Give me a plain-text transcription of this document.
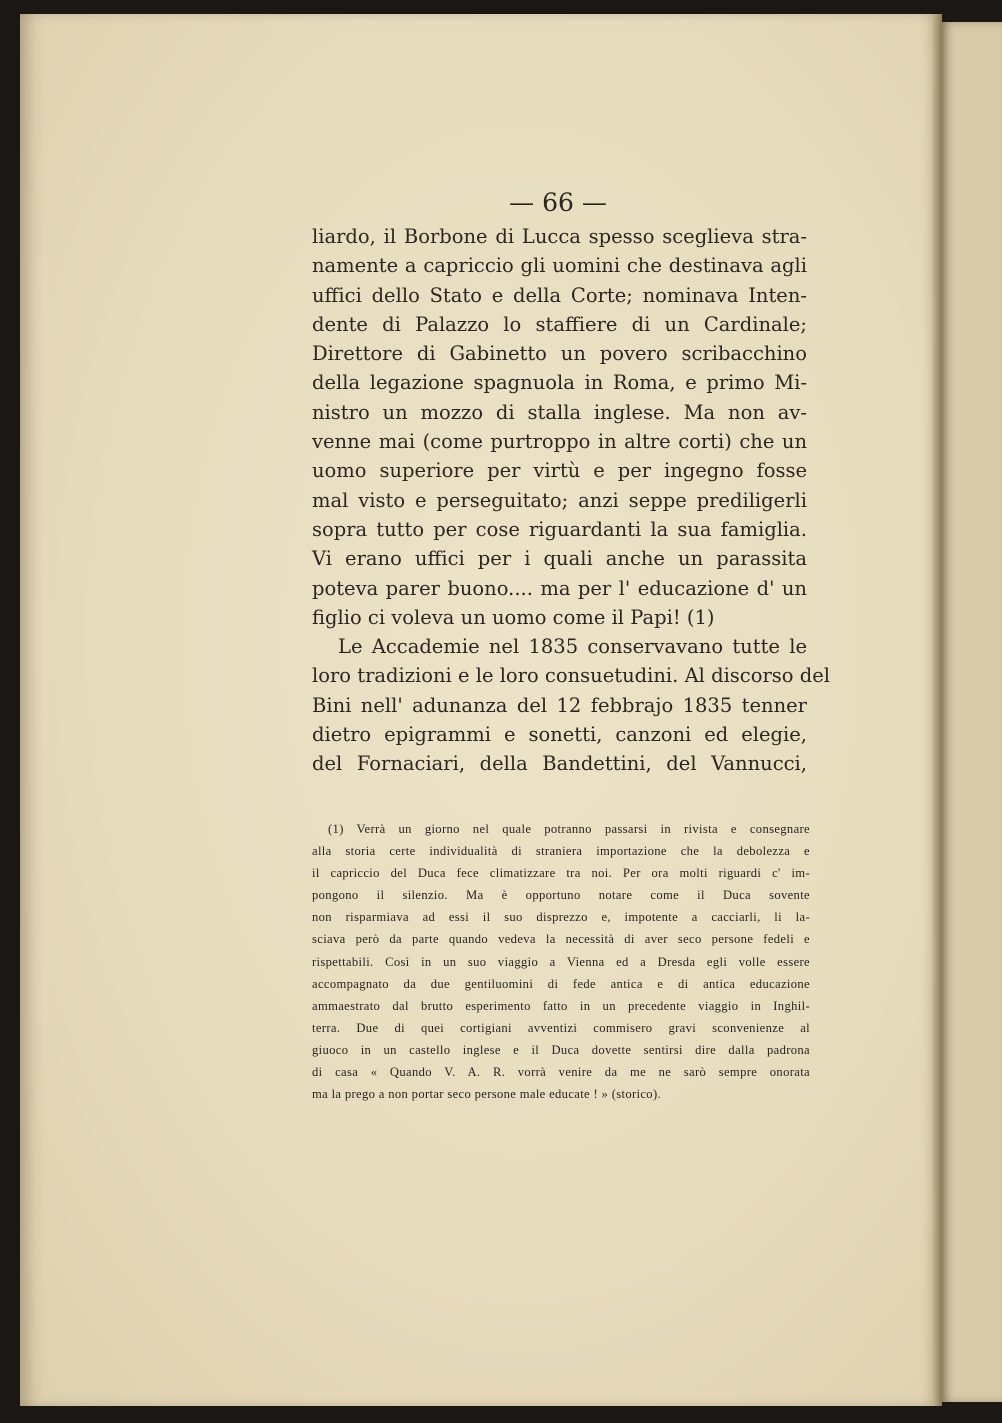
— 66 —
liardo, il Borbone di Lucca spesso sceglieva stra-
namente a capriccio gli uomini che destinava agli
uffici dello Stato e della Corte; nominava Inten-
dente di Palazzo lo staffiere di un Cardinale;
Direttore di Gabinetto un povero scribacchino
della legazione spagnuola in Roma, e primo Mi-
nistro un mozzo di stalla inglese. Ma non av-
venne mai (come purtroppo in altre corti) che un
uomo superiore per virtù e per ingegno fosse
mal visto e perseguitato; anzi seppe prediligerli
sopra tutto per cose riguardanti la sua famiglia.
Vi erano uffici per i quali anche un parassita
poteva parer buono.... ma per l' educazione d' un
figlio ci voleva un uomo come il Papi! (1)
Le Accademie nel 1835 conservavano tutte le
loro tradizioni e le loro consuetudini. Al discorso del
Bini nell' adunanza del 12 febbrajo 1835 tenner
dietro epigrammi e sonetti, canzoni ed elegie,
del Fornaciari, della Bandettini, del Vannucci,
(1) Verrà un giorno nel quale potranno passarsi in rivista e consegnare
alla storia certe individualità di straniera importazione che la debolezza e
il capriccio del Duca fece climatizzare tra noi. Per ora molti riguardi c' im-
pongono il silenzio. Ma è opportuno notare come il Duca sovente
non risparmiava ad essi il suo disprezzo e, impotente a cacciarli, li la-
sciava però da parte quando vedeva la necessità di aver seco persone fedeli e
rispettabili. Così in un suo viaggio a Vienna ed a Dresda egli volle essere
accompagnato da due gentiluomini di fede antica e di antica educazione
ammaestrato dal brutto esperimento fatto in un precedente viaggio in Inghil-
terra. Due di quei cortigiani avventizi commisero gravi sconvenienze al
giuoco in un castello inglese e il Duca dovette sentirsi dire dalla padrona
di casa « Quando V. A. R. vorrà venire da me ne sarò sempre onorata
ma la prego a non portar seco persone male educate ! » (storico).
